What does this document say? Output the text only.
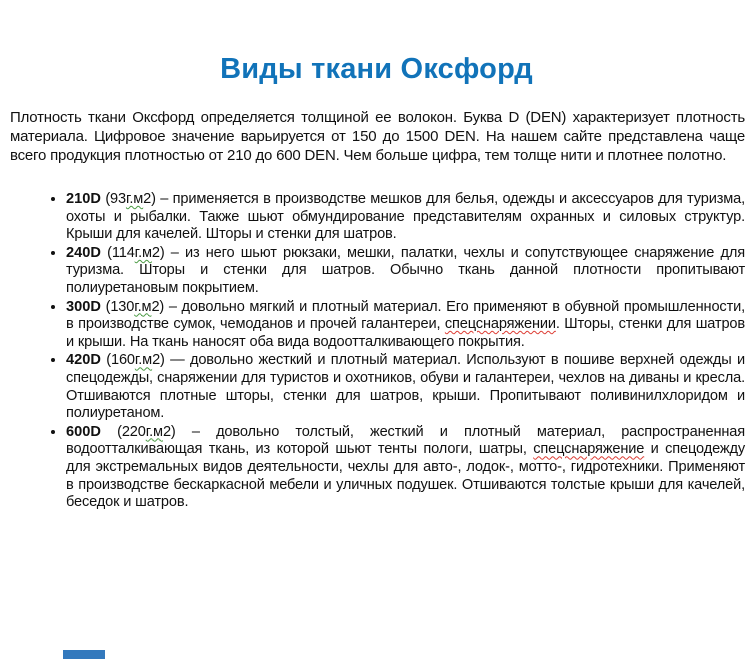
Виды ткани Оксфорд

Плотность ткани Оксфорд определяется толщиной ее волокон. Буква D (DEN) характеризует плотность материала. Цифровое значение варьируется от 150 до 1500 DEN. На нашем сайте представлена чаще всего продукция плотностью от 210 до 600 DEN. Чем больше цифра, тем толще нити и плотнее полотно.

• 210D (93г.м2) – применяется в производстве мешков для белья, одежды и аксессуаров для туризма, охоты и рыбалки. Также шьют обмундирование представителям охранных и силовых структур. Крыши для качелей. Шторы и стенки для шатров.
• 240D (114г.м2) – из него шьют рюкзаки, мешки, палатки, чехлы и сопутствующее снаряжение для туризма. Шторы и стенки для шатров. Обычно ткань данной плотности пропитывают полиуретановым покрытием.
• 300D (130г.м2) – довольно мягкий и плотный материал. Его применяют в обувной промышленности, в производстве сумок, чемоданов и прочей галантереи, спецснаряжении. Шторы, стенки для шатров и крыши. На ткань наносят оба вида водоотталкивающего покрытия.
• 420D (160г.м2) — довольно жесткий и плотный материал. Используют в пошиве верхней одежды и спецодежды, снаряжении для туристов и охотников, обуви и галантереи, чехлов на диваны и кресла. Отшиваются плотные шторы, стенки для шатров, крыши. Пропитывают поливинилхлоридом и полиуретаном.
• 600D (220г.м2) – довольно толстый, жесткий и плотный материал, распространенная водоотталкивающая ткань, из которой шьют тенты пологи, шатры, спецснаряжение и спецодежду для экстремальных видов деятельности, чехлы для авто-, лодок-, мотто-, гидротехники. Применяют в производстве бескаркасной мебели и уличных подушек. Отшиваются толстые крыши для качелей, беседок и шатров.
